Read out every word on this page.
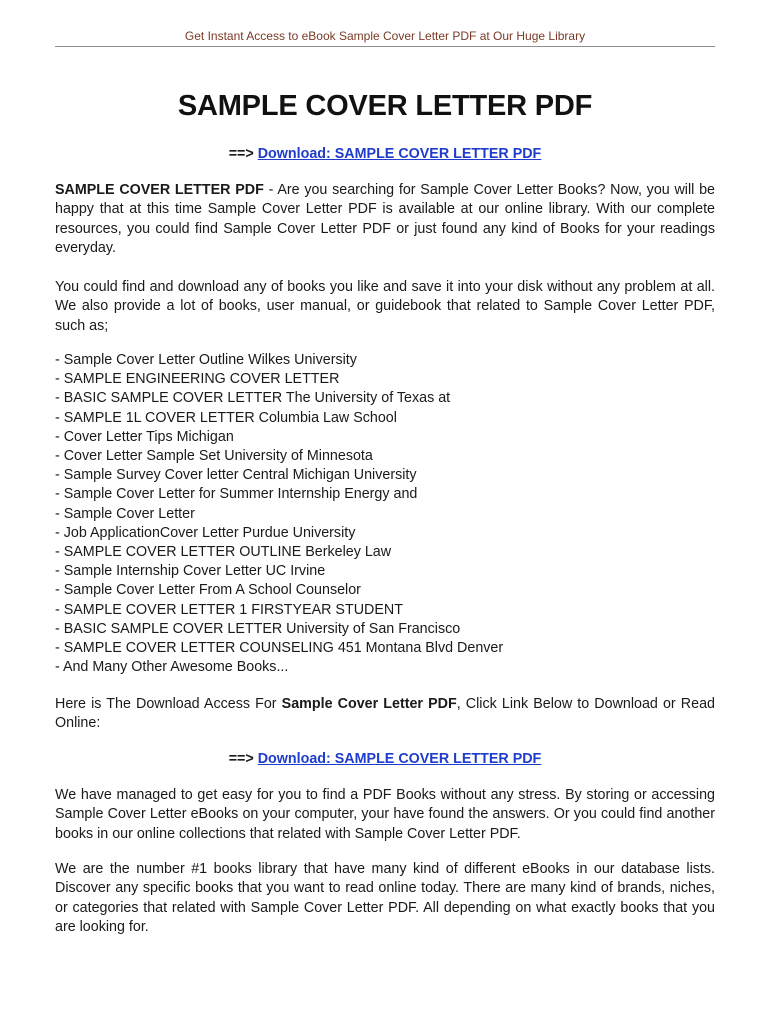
Get Instant Access to eBook Sample Cover Letter PDF at Our Huge Library
SAMPLE COVER LETTER PDF
==> Download: SAMPLE COVER LETTER PDF

SAMPLE COVER LETTER PDF - Are you searching for Sample Cover Letter Books? Now, you will be happy that at this time Sample Cover Letter PDF is available at our online library. With our complete resources, you could find Sample Cover Letter PDF or just found any kind of Books for your readings everyday.

You could find and download any of books you like and save it into your disk without any problem at all. We also provide a lot of books, user manual, or guidebook that related to Sample Cover Letter PDF, such as;

- Sample Cover Letter Outline Wilkes University
- SAMPLE ENGINEERING COVER LETTER
- BASIC SAMPLE COVER LETTER The University of Texas at
- SAMPLE 1L COVER LETTER Columbia Law School
- Cover Letter Tips Michigan
- Cover Letter Sample Set University of Minnesota
- Sample Survey Cover letter Central Michigan University
- Sample Cover Letter for Summer Internship Energy and
- Sample Cover Letter
- Job ApplicationCover Letter Purdue University
- SAMPLE COVER LETTER OUTLINE Berkeley Law
- Sample Internship Cover Letter UC Irvine
- Sample Cover Letter From A School Counselor
- SAMPLE COVER LETTER 1 FIRSTYEAR STUDENT
- BASIC SAMPLE COVER LETTER University of San Francisco
- SAMPLE COVER LETTER COUNSELING 451 Montana Blvd Denver
- And Many Other Awesome Books...

Here is The Download Access For Sample Cover Letter PDF, Click Link Below to Download or Read Online:

==> Download: SAMPLE COVER LETTER PDF

We have managed to get easy for you to find a PDF Books without any stress. By storing or accessing Sample Cover Letter eBooks on your computer, your have found the answers. Or you could find another books in our online collections that related with Sample Cover Letter PDF.

We are the number #1 books library that have many kind of different eBooks in our database lists. Discover any specific books that you want to read online today. There are many kind of brands, niches, or categories that related with Sample Cover Letter PDF. All depending on what exactly books that you are looking for.
